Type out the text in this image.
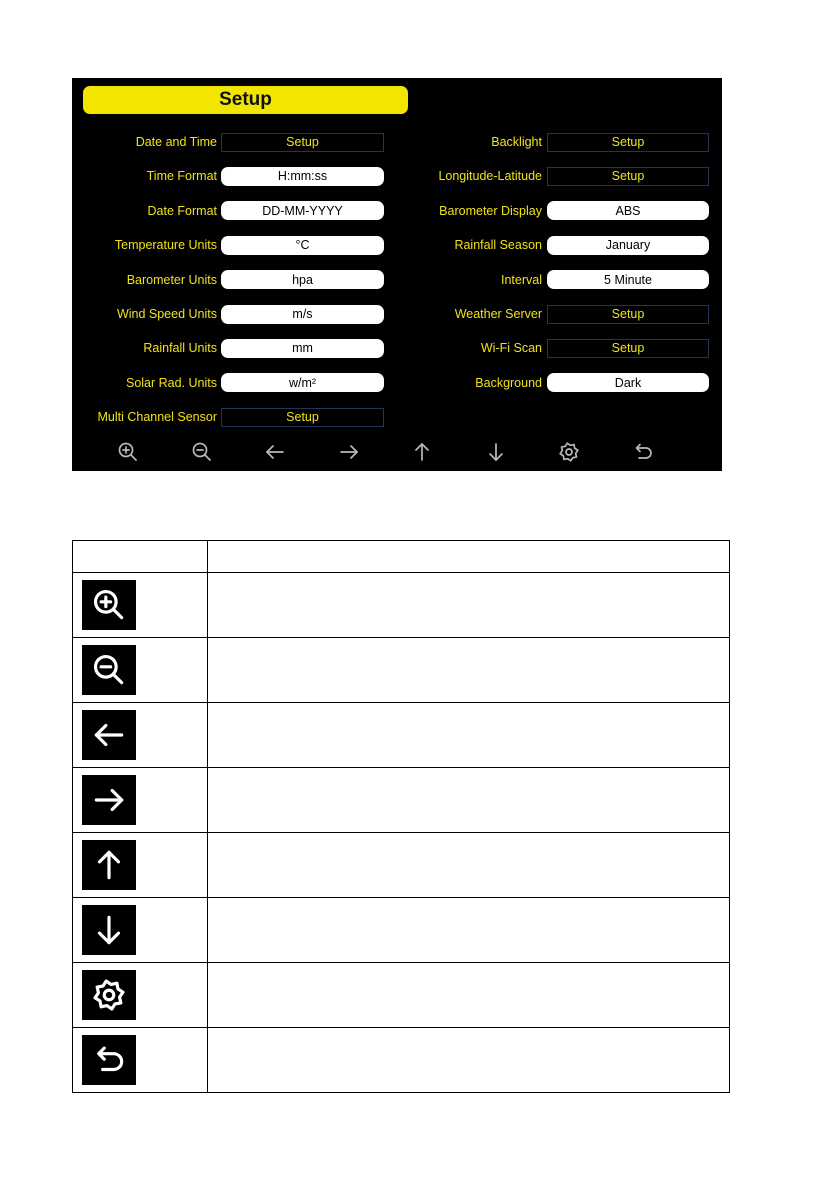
Setup
Date and Time	Setup
Time Format	H:mm:ss
Date Format	DD-MM-YYYY
Temperature Units	°C
Barometer Units	hpa
Wind Speed Units	m/s
Rainfall Units	mm
Solar Rad. Units	w/m²
Multi Channel Sensor	Setup
Backlight	Setup
Longitude-Latitude	Setup
Barometer Display	ABS
Rainfall Season	January
Interval	5 Minute
Weather Server	Setup
Wi-Fi Scan	Setup
Background	Dark
